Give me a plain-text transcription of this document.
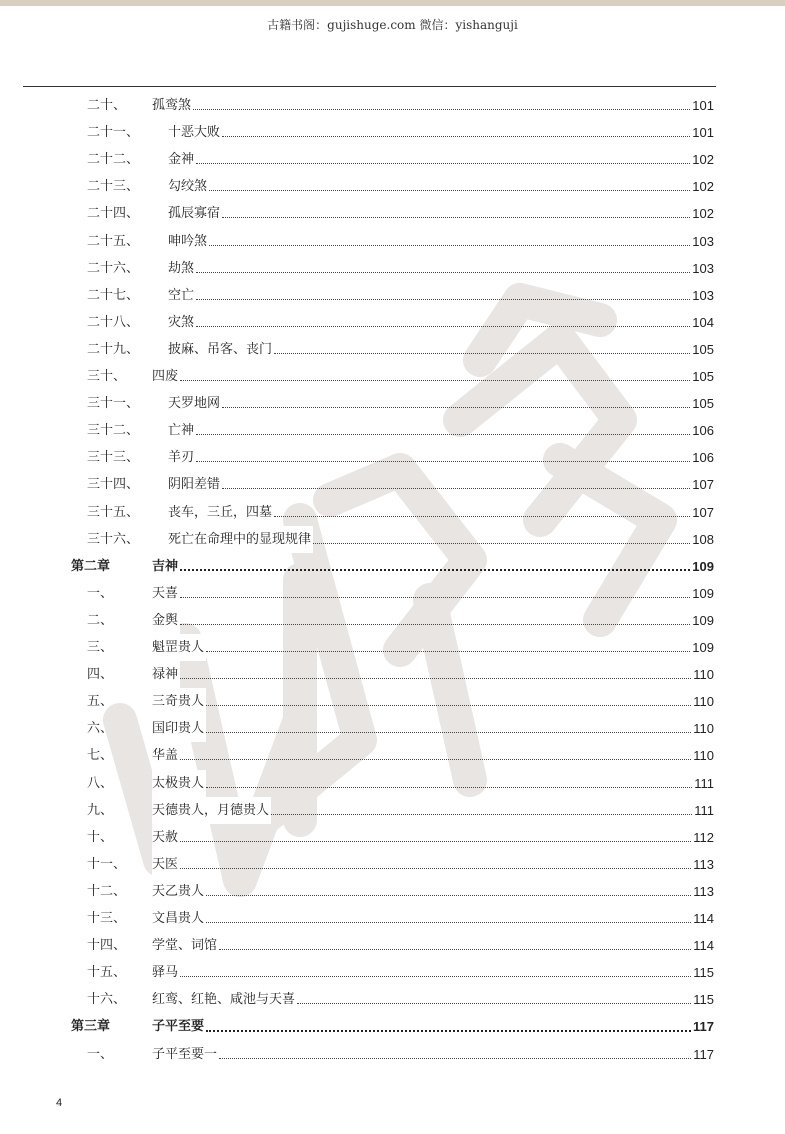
古籍书阁：gujishuge.com 微信：yishanguji
二十、 孤鸾煞	101
二十一、 十恶大败	101
二十二、 金神	102
二十三、 勾绞煞	102
二十四、 孤辰寡宿	102
二十五、 呻吟煞	103
二十六、 劫煞	103
二十七、 空亡	103
二十八、 灾煞	104
二十九、 披麻、吊客、丧门	105
三十、 四废	105
三十一、 天罗地网	105
三十二、 亡神	106
三十三、 羊刃	106
三十四、 阴阳差错	107
三十五、 丧车，三丘，四墓	107
三十六、 死亡在命理中的显现规律	108
第二章	吉神	109
一、	天喜	109
二、	金舆	109
三、	魁罡贵人	109
四、	禄神	110
五、	三奇贵人	110
六、	国印贵人	110
七、	华盖	110
八、	太极贵人	111
九、	天德贵人，月德贵人	111
十、	天赦	112
十一、 天医	113
十二、 天乙贵人	113
十三、 文昌贵人	114
十四、 学堂、词馆	114
十五、 驿马	115
十六、 红鸾、红艳、咸池与天喜	115
第三章	子平至要	117
一、	子平至要一	117
4
